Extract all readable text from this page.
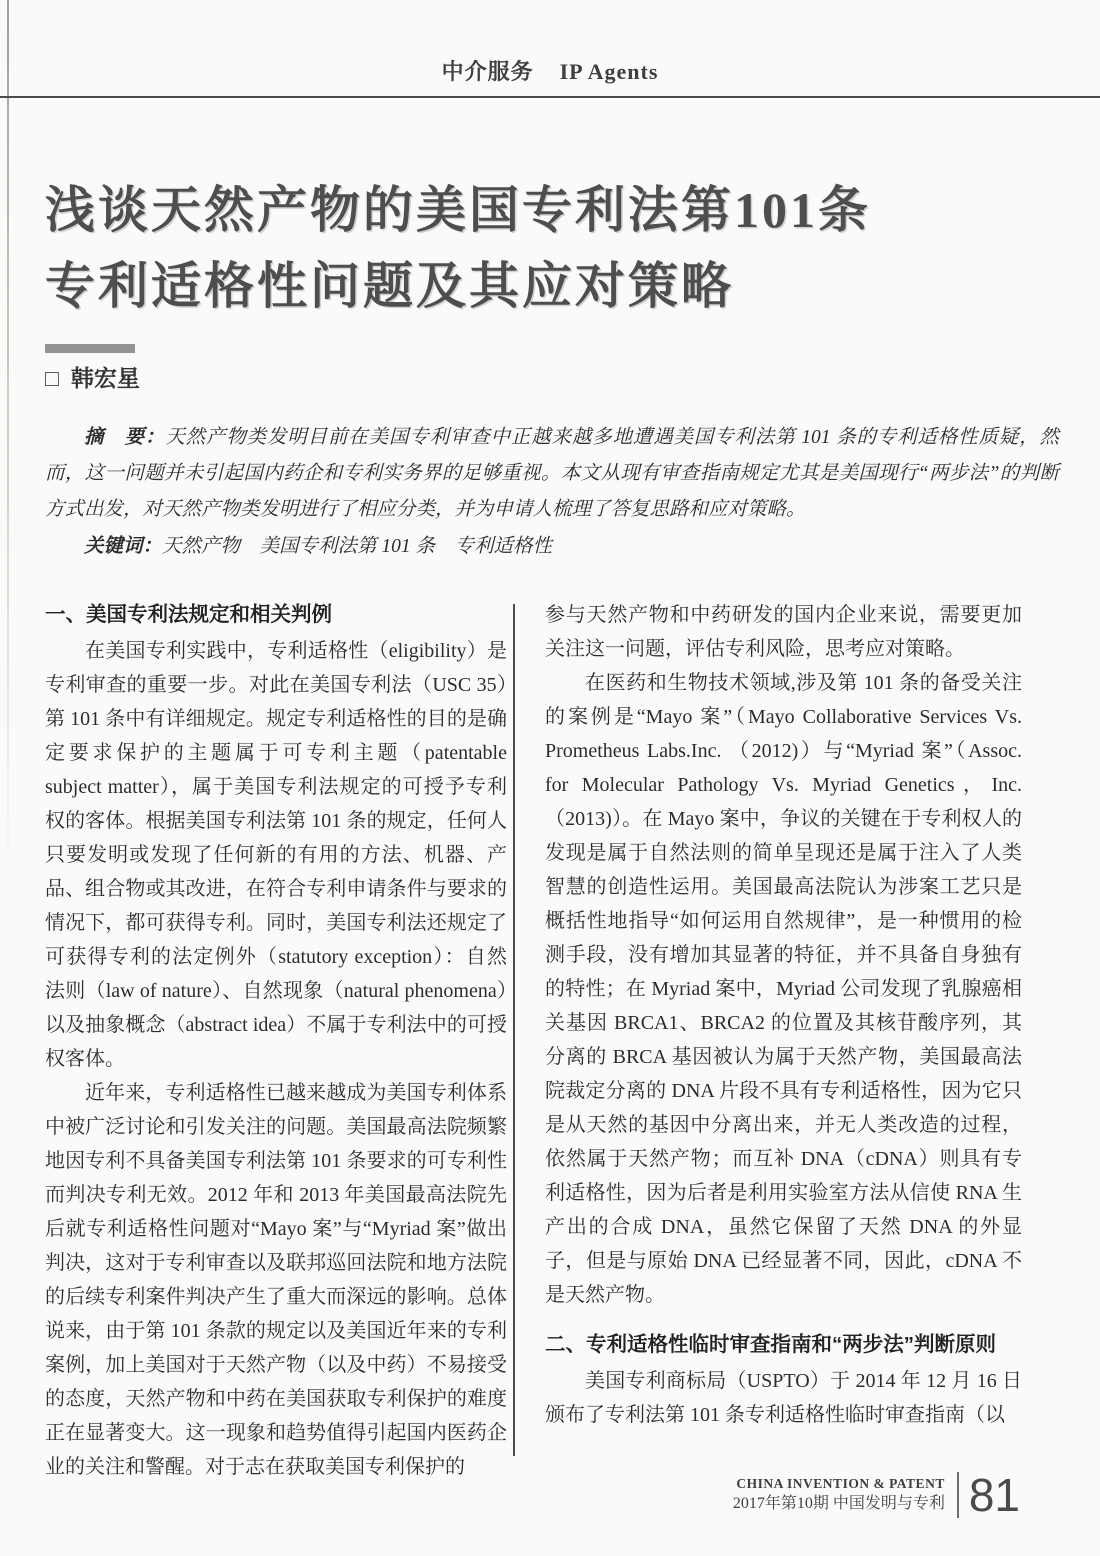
中介服务 IP Agents
浅谈天然产物的美国专利法第101条
专利适格性问题及其应对策略
□ 韩宏星

摘　要：天然产物类发明目前在美国专利审查中正越来越多地遭遇美国专利法第 101 条的专利适格性质疑，然而，这一问题并未引起国内药企和专利实务界的足够重视。本文从现有审查指南规定尤其是美国现行“两步法”的判断方式出发，对天然产物类发明进行了相应分类，并为申请人梳理了答复思路和应对策略。

关键词：天然产物　美国专利法第 101 条　专利适格性

一、美国专利法规定和相关判例

在美国专利实践中，专利适格性（eligibility）是专利审查的重要一步。对此在美国专利法（USC 35）第 101 条中有详细规定。规定专利适格性的目的是确定要求保护的主题属于可专利主题（patentable subject matter），属于美国专利法规定的可授予专利权的客体。根据美国专利法第 101 条的规定，任何人只要发明或发现了任何新的有用的方法、机器、产品、组合物或其改进，在符合专利申请条件与要求的情况下，都可获得专利。同时，美国专利法还规定了可获得专利的法定例外（statutory exception）：自然法则（law of nature）、自然现象（natural phenomena）以及抽象概念（abstract idea）不属于专利法中的可授权客体。

近年来，专利适格性已越来越成为美国专利体系中被广泛讨论和引发关注的问题。美国最高法院频繁地因专利不具备美国专利法第 101 条要求的可专利性而判决专利无效。2012 年和 2013 年美国最高法院先后就专利适格性问题对“Mayo 案”与“Myriad 案”做出判决，这对于专利审查以及联邦巡回法院和地方法院的后续专利案件判决产生了重大而深远的影响。总体说来，由于第 101 条款的规定以及美国近年来的专利案例，加上美国对于天然产物（以及中药）不易接受的态度，天然产物和中药在美国获取专利保护的难度正在显著变大。这一现象和趋势值得引起国内医药企业的关注和警醒。对于志在获取美国专利保护的

参与天然产物和中药研发的国内企业来说，需要更加关注这一问题，评估专利风险，思考应对策略。

在医药和生物技术领域,涉及第 101 条的备受关注的案例是“Mayo 案”（Mayo Collaborative Services Vs. Prometheus Labs.Inc. （2012)）与“Myriad 案”（Assoc. for Molecular Pathology Vs. Myriad Genetics，Inc. （2013)）。在 Mayo 案中，争议的关键在于专利权人的发现是属于自然法则的简单呈现还是属于注入了人类智慧的创造性运用。美国最高法院认为涉案工艺只是概括性地指导“如何运用自然规律”，是一种惯用的检测手段，没有增加其显著的特征，并不具备自身独有的特性；在 Myriad 案中，Myriad 公司发现了乳腺癌相关基因 BRCA1、BRCA2 的位置及其核苷酸序列，其分离的 BRCA 基因被认为属于天然产物，美国最高法院裁定分离的 DNA 片段不具有专利适格性，因为它只是从天然的基因中分离出来，并无人类改造的过程，依然属于天然产物；而互补 DNA（cDNA）则具有专利适格性，因为后者是利用实验室方法从信使 RNA 生产出的合成 DNA，虽然它保留了天然 DNA 的外显子，但是与原始 DNA 已经显著不同，因此，cDNA 不是天然产物。

二、专利适格性临时审查指南和“两步法”判断原则

美国专利商标局（USPTO）于 2014 年 12 月 16 日颁布了专利法第 101 条专利适格性临时审查指南（以

CHINA INVENTION & PATENT
2017年第10期 中国发明与专利 81
